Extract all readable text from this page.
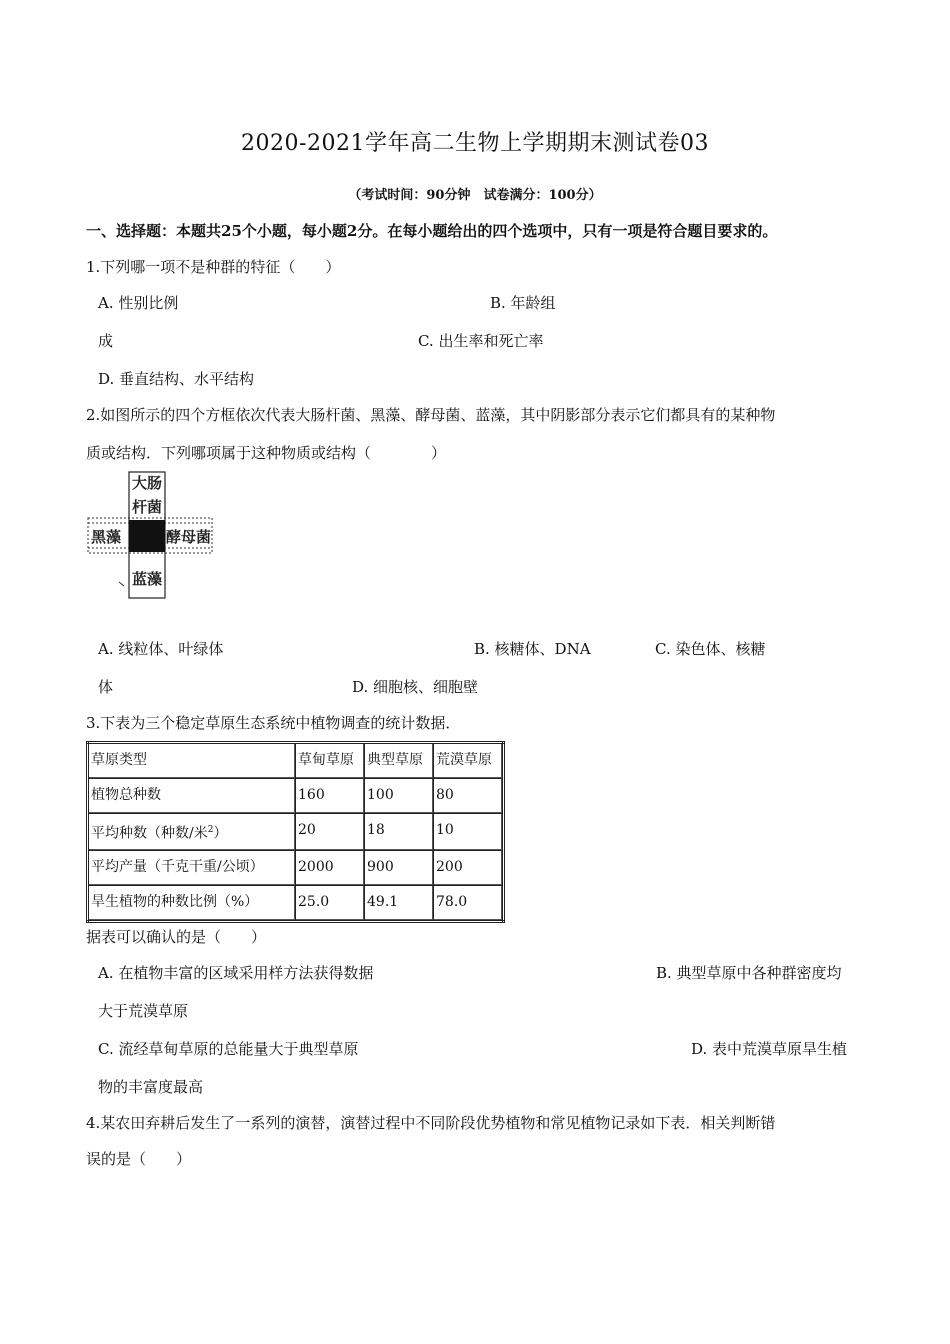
2020-2021学年高二生物上学期期末测试卷03
（考试时间：90分钟　试卷满分：100分）
一、选择题：本题共25个小题，每小题2分。在每小题给出的四个选项中，只有一项是符合题目要求的。
1.下列哪一项不是种群的特征（　　）
A. 性别比例	B. 年龄组
成	C. 出生率和死亡率
D. 垂直结构、水平结构
2.如图所示的四个方框依次代表大肠杆菌、黑藻、酵母菌、蓝藻，其中阴影部分表示它们都具有的某种物
质或结构．下列哪项属于这种物质或结构（　　　　）
大肠
杆菌
黑藻	酵母菌
蓝藻
A. 线粒体、叶绿体	B. 核糖体、DNA	C. 染色体、核糖
体	D. 细胞核、细胞壁
3.下表为三个稳定草原生态系统中植物调查的统计数据．
草原类型	草甸草原	典型草原	荒漠草原
植物总种数	160	100	80
平均种数（种数/米$^2$）	20	18	10
平均产量（千克干重/公顷）	2000	900	200
旱生植物的种数比例（%）	25.0	49.1	78.0
据表可以确认的是（　　）
A. 在植物丰富的区域采用样方法获得数据	B. 典型草原中各种群密度均
大于荒漠草原
C. 流经草甸草原的总能量大于典型草原	D. 表中荒漠草原旱生植
物的丰富度最高
4.某农田弃耕后发生了一系列的演替，演替过程中不同阶段优势植物和常见植物记录如下表．相关判断错
误的是（　　）
